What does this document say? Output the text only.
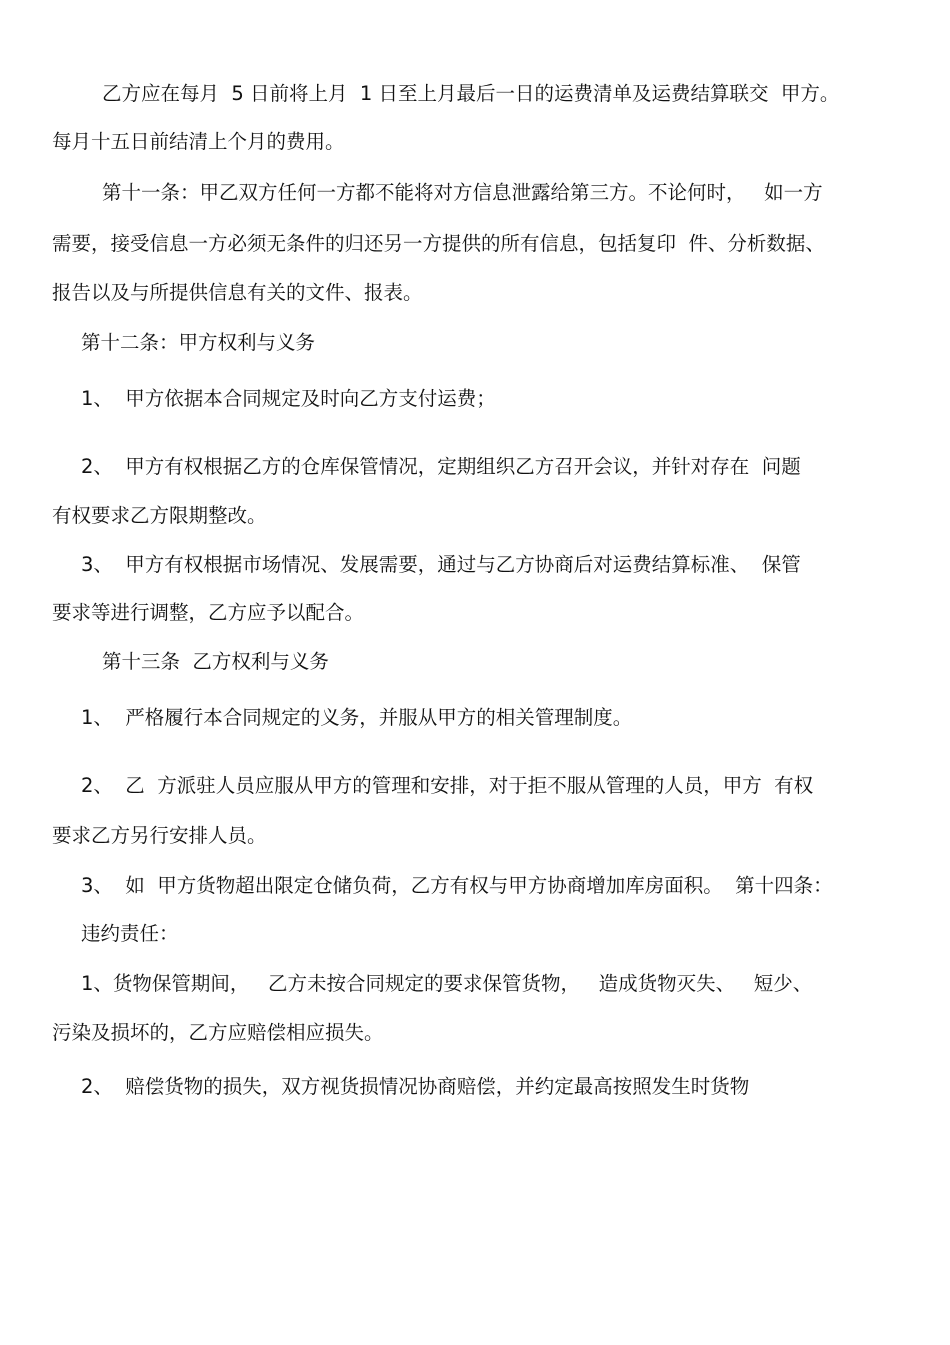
乙方应在每月  5 日前将上月  1 日至上月最后一日的运费清单及运费结算联交  甲方。
每月十五日前结清上个月的费用。
第十一条：甲乙双方任何一方都不能将对方信息泄露给第三方。不论何时，   如一方
需要，接受信息一方必须无条件的归还另一方提供的所有信息，包括复印  件、分析数据、
报告以及与所提供信息有关的文件、报表。
第十二条：甲方权利与义务
1、  甲方依据本合同规定及时向乙方支付运费；
2、  甲方有权根据乙方的仓库保管情况，定期组织乙方召开会议，并针对存在  问题
有权要求乙方限期整改。
3、  甲方有权根据市场情况、发展需要，通过与乙方协商后对运费结算标准、  保管
要求等进行调整，乙方应予以配合。
第十三条  乙方权利与义务
1、  严格履行本合同规定的义务，并服从甲方的相关管理制度。
2、  乙  方派驻人员应服从甲方的管理和安排，对于拒不服从管理的人员，甲方  有权
要求乙方另行安排人员。
3、  如  甲方货物超出限定仓储负荷，乙方有权与甲方协商增加库房面积。  第十四条：
违约责任：
1、货物保管期间，   乙方未按合同规定的要求保管货物，   造成货物灭失、   短少、
污染及损坏的，乙方应赔偿相应损失。
2、  赔偿货物的损失，双方视货损情况协商赔偿，并约定最高按照发生时货物
